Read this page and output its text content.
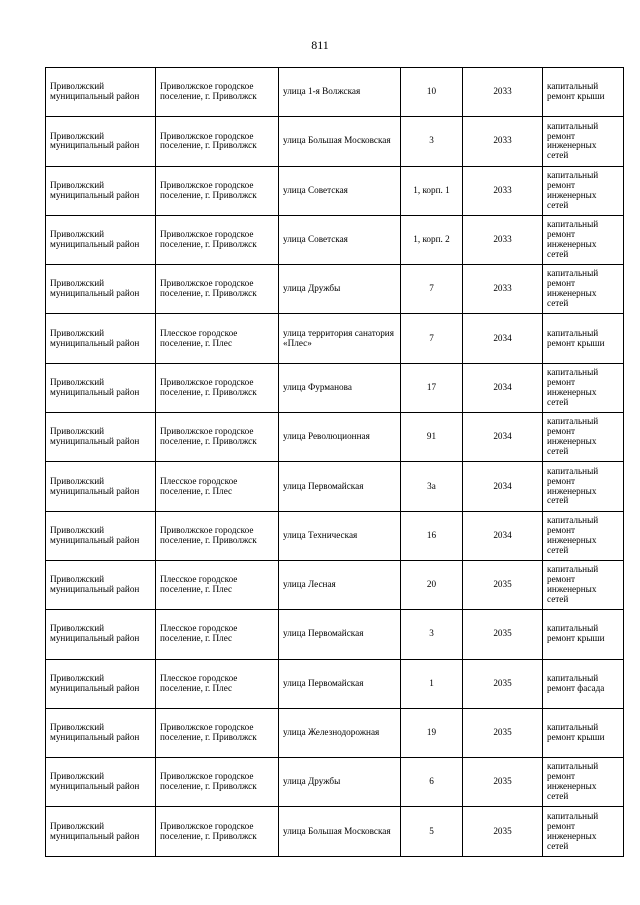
811
Приволжский муниципальный район	Приволжское городское поселение, г. Приволжск	улица 1-я Волжская	10	2033	капитальный ремонт крыши
Приволжский муниципальный район	Приволжское городское поселение, г. Приволжск	улица Большая Московская	3	2033	капитальный ремонт инженерных сетей
Приволжский муниципальный район	Приволжское городское поселение, г. Приволжск	улица Советская	1, корп. 1	2033	капитальный ремонт инженерных сетей
Приволжский муниципальный район	Приволжское городское поселение, г. Приволжск	улица Советская	1, корп. 2	2033	капитальный ремонт инженерных сетей
Приволжский муниципальный район	Приволжское городское поселение, г. Приволжск	улица Дружбы	7	2033	капитальный ремонт инженерных сетей
Приволжский муниципальный район	Плесское городское поселение, г. Плес	улица территория санатория «Плес»	7	2034	капитальный ремонт крыши
Приволжский муниципальный район	Приволжское городское поселение, г. Приволжск	улица Фурманова	17	2034	капитальный ремонт инженерных сетей
Приволжский муниципальный район	Приволжское городское поселение, г. Приволжск	улица Революционная	91	2034	капитальный ремонт инженерных сетей
Приволжский муниципальный район	Плесское городское поселение, г. Плес	улица Первомайская	3а	2034	капитальный ремонт инженерных сетей
Приволжский муниципальный район	Приволжское городское поселение, г. Приволжск	улица Техническая	16	2034	капитальный ремонт инженерных сетей
Приволжский муниципальный район	Плесское городское поселение, г. Плес	улица Лесная	20	2035	капитальный ремонт инженерных сетей
Приволжский муниципальный район	Плесское городское поселение, г. Плес	улица Первомайская	3	2035	капитальный ремонт крыши
Приволжский муниципальный район	Плесское городское поселение, г. Плес	улица Первомайская	1	2035	капитальный ремонт фасада
Приволжский муниципальный район	Приволжское городское поселение, г. Приволжск	улица Железнодорожная	19	2035	капитальный ремонт крыши
Приволжский муниципальный район	Приволжское городское поселение, г. Приволжск	улица Дружбы	6	2035	капитальный ремонт инженерных сетей
Приволжский муниципальный район	Приволжское городское поселение, г. Приволжск	улица Большая Московская	5	2035	капитальный ремонт инженерных сетей
